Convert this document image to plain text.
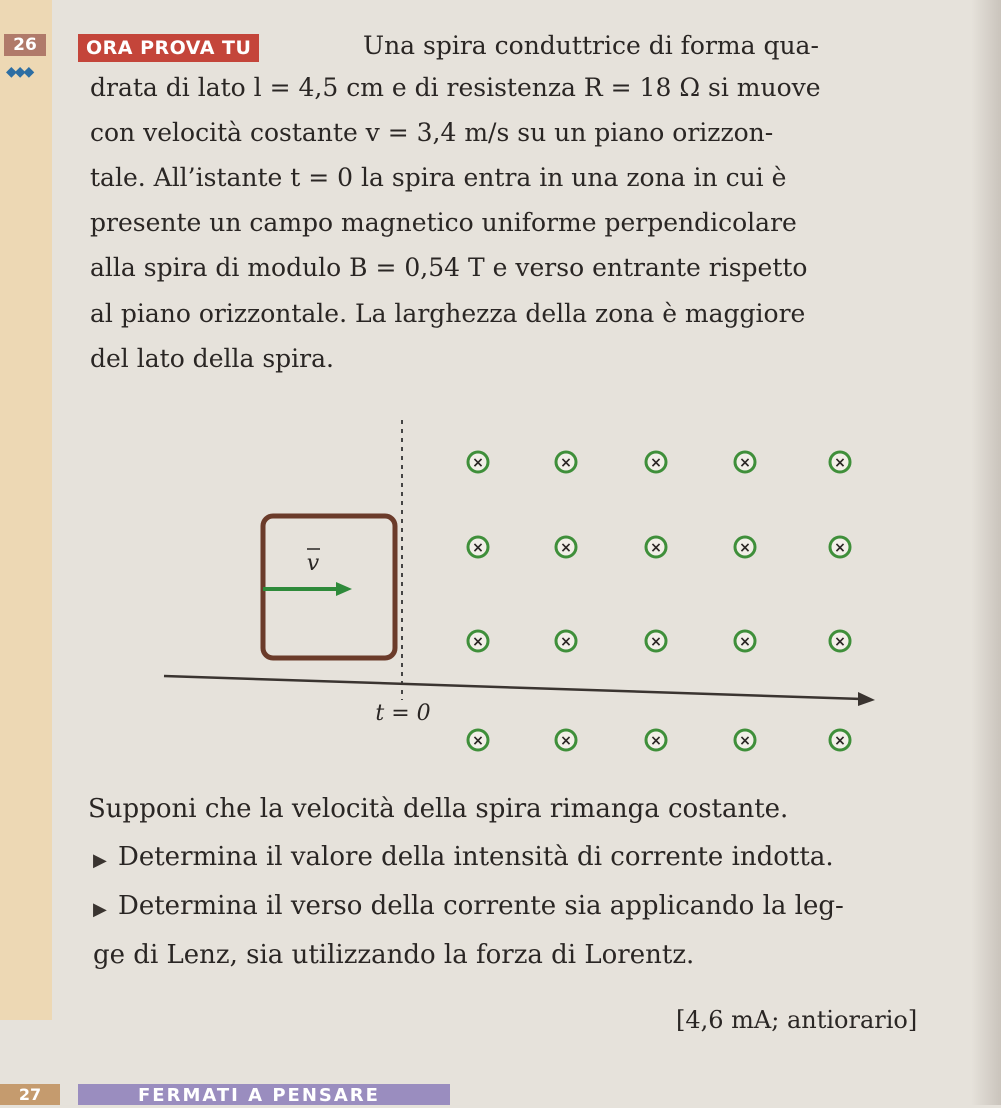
26
◆◆◆
ORA PROVA TU	Una spira conduttrice di forma qua-
drata di lato l = 4,5 cm e di resistenza R = 18 Ω si muove
con velocità costante v = 3,4 m/s su un piano orizzon-
tale. All’istante t = 0 la spira entra in una zona in cui è
presente un campo magnetico uniforme perpendicolare
alla spira di modulo B = 0,54 T e verso entrante rispetto
al piano orizzontale. La larghezza della zona è maggiore
del lato della spira.
v
t = 0
×	×	×	×	×
×	×	×	×	×
×	×	×	×	×
×	×	×	×	×
Supponi che la velocità della spira rimanga costante.
▶ Determina il valore della intensità di corrente indotta.
▶ Determina il verso della corrente sia applicando la leg-
ge di Lenz, sia utilizzando la forza di Lorentz.
[4,6 mA; antiorario]
27	FERMATI A PENSARE
